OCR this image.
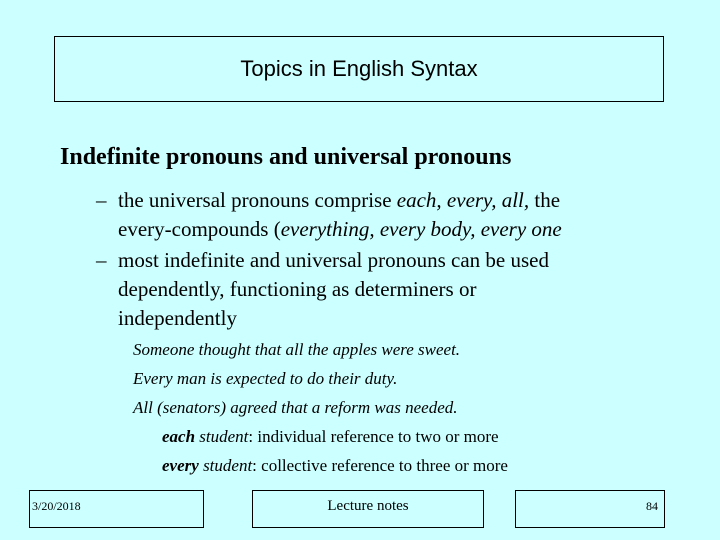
Topics in English Syntax
Indefinite pronouns and universal pronouns
– the universal pronouns comprise each, every, all, the
every-compounds (everything, every body, every one
– most indefinite and universal pronouns can be used
dependently, functioning as determiners or
independently
Someone thought that all the apples were sweet.
Every man is expected to do their duty.
All (senators) agreed that a reform was needed.
each student: individual reference to two or more
every student: collective reference to three or more
3/20/2018	Lecture notes	84
